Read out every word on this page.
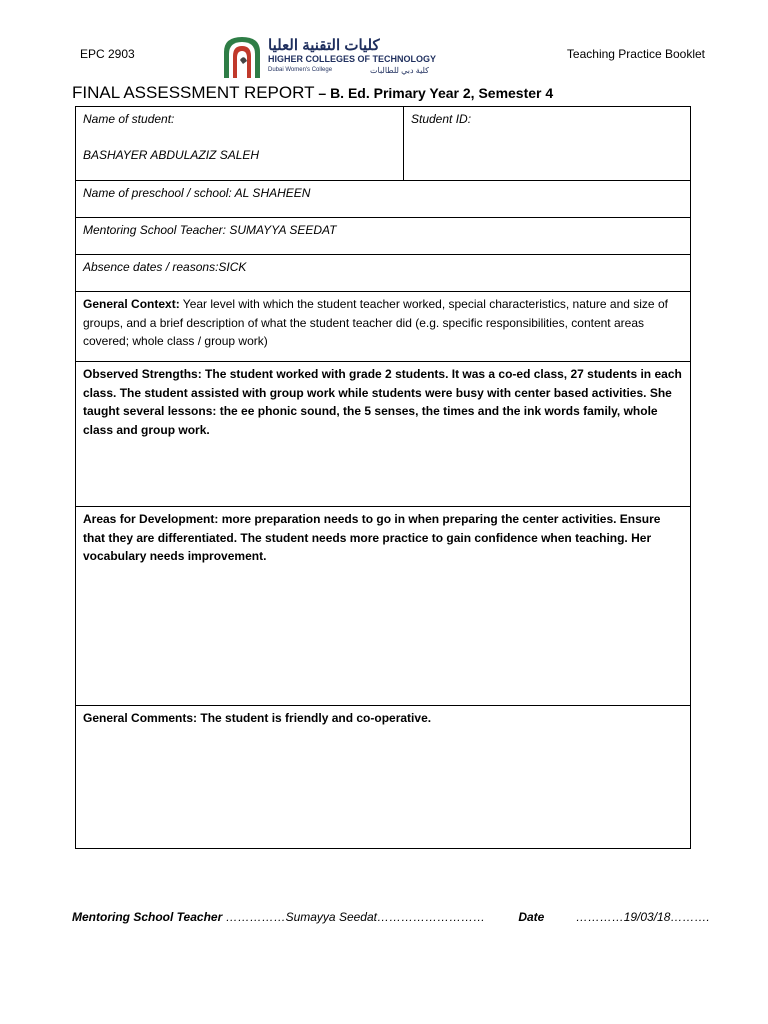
EPC 2903	كليات التقنية العليا
HIGHER COLLEGES OF TECHNOLOGY
Dubai Women's College	كلية دبي للطالبات
Teaching Practice Booklet
FINAL ASSESSMENT REPORT – B. Ed. Primary Year 2, Semester 4
Name of student:
BASHAYER ABDULAZIZ SALEH
Student ID:
Name of preschool / school: AL SHAHEEN
Mentoring School Teacher: SUMAYYA SEEDAT
Absence dates / reasons:SICK
General Context: Year level with which the student teacher worked, special characteristics, nature and size of groups, and a brief description of what the student teacher did (e.g. specific responsibilities, content areas covered; whole class / group work)
Observed Strengths: The student worked with grade 2 students. It was a co-ed class, 27 students in each class. The student assisted with group work while students were busy with center based activities. She taught several lessons: the ee phonic sound, the 5 senses, the times and the ink words family, whole class and group work.
Areas for Development: more preparation needs to go in when preparing the center activities. Ensure that they are differentiated. The student needs more practice to gain confidence when teaching. Her vocabulary needs improvement.
General Comments: The student is friendly and co-operative.
Mentoring School Teacher ……………Sumayya Seedat………………………	Date	…………19/03/18……….
